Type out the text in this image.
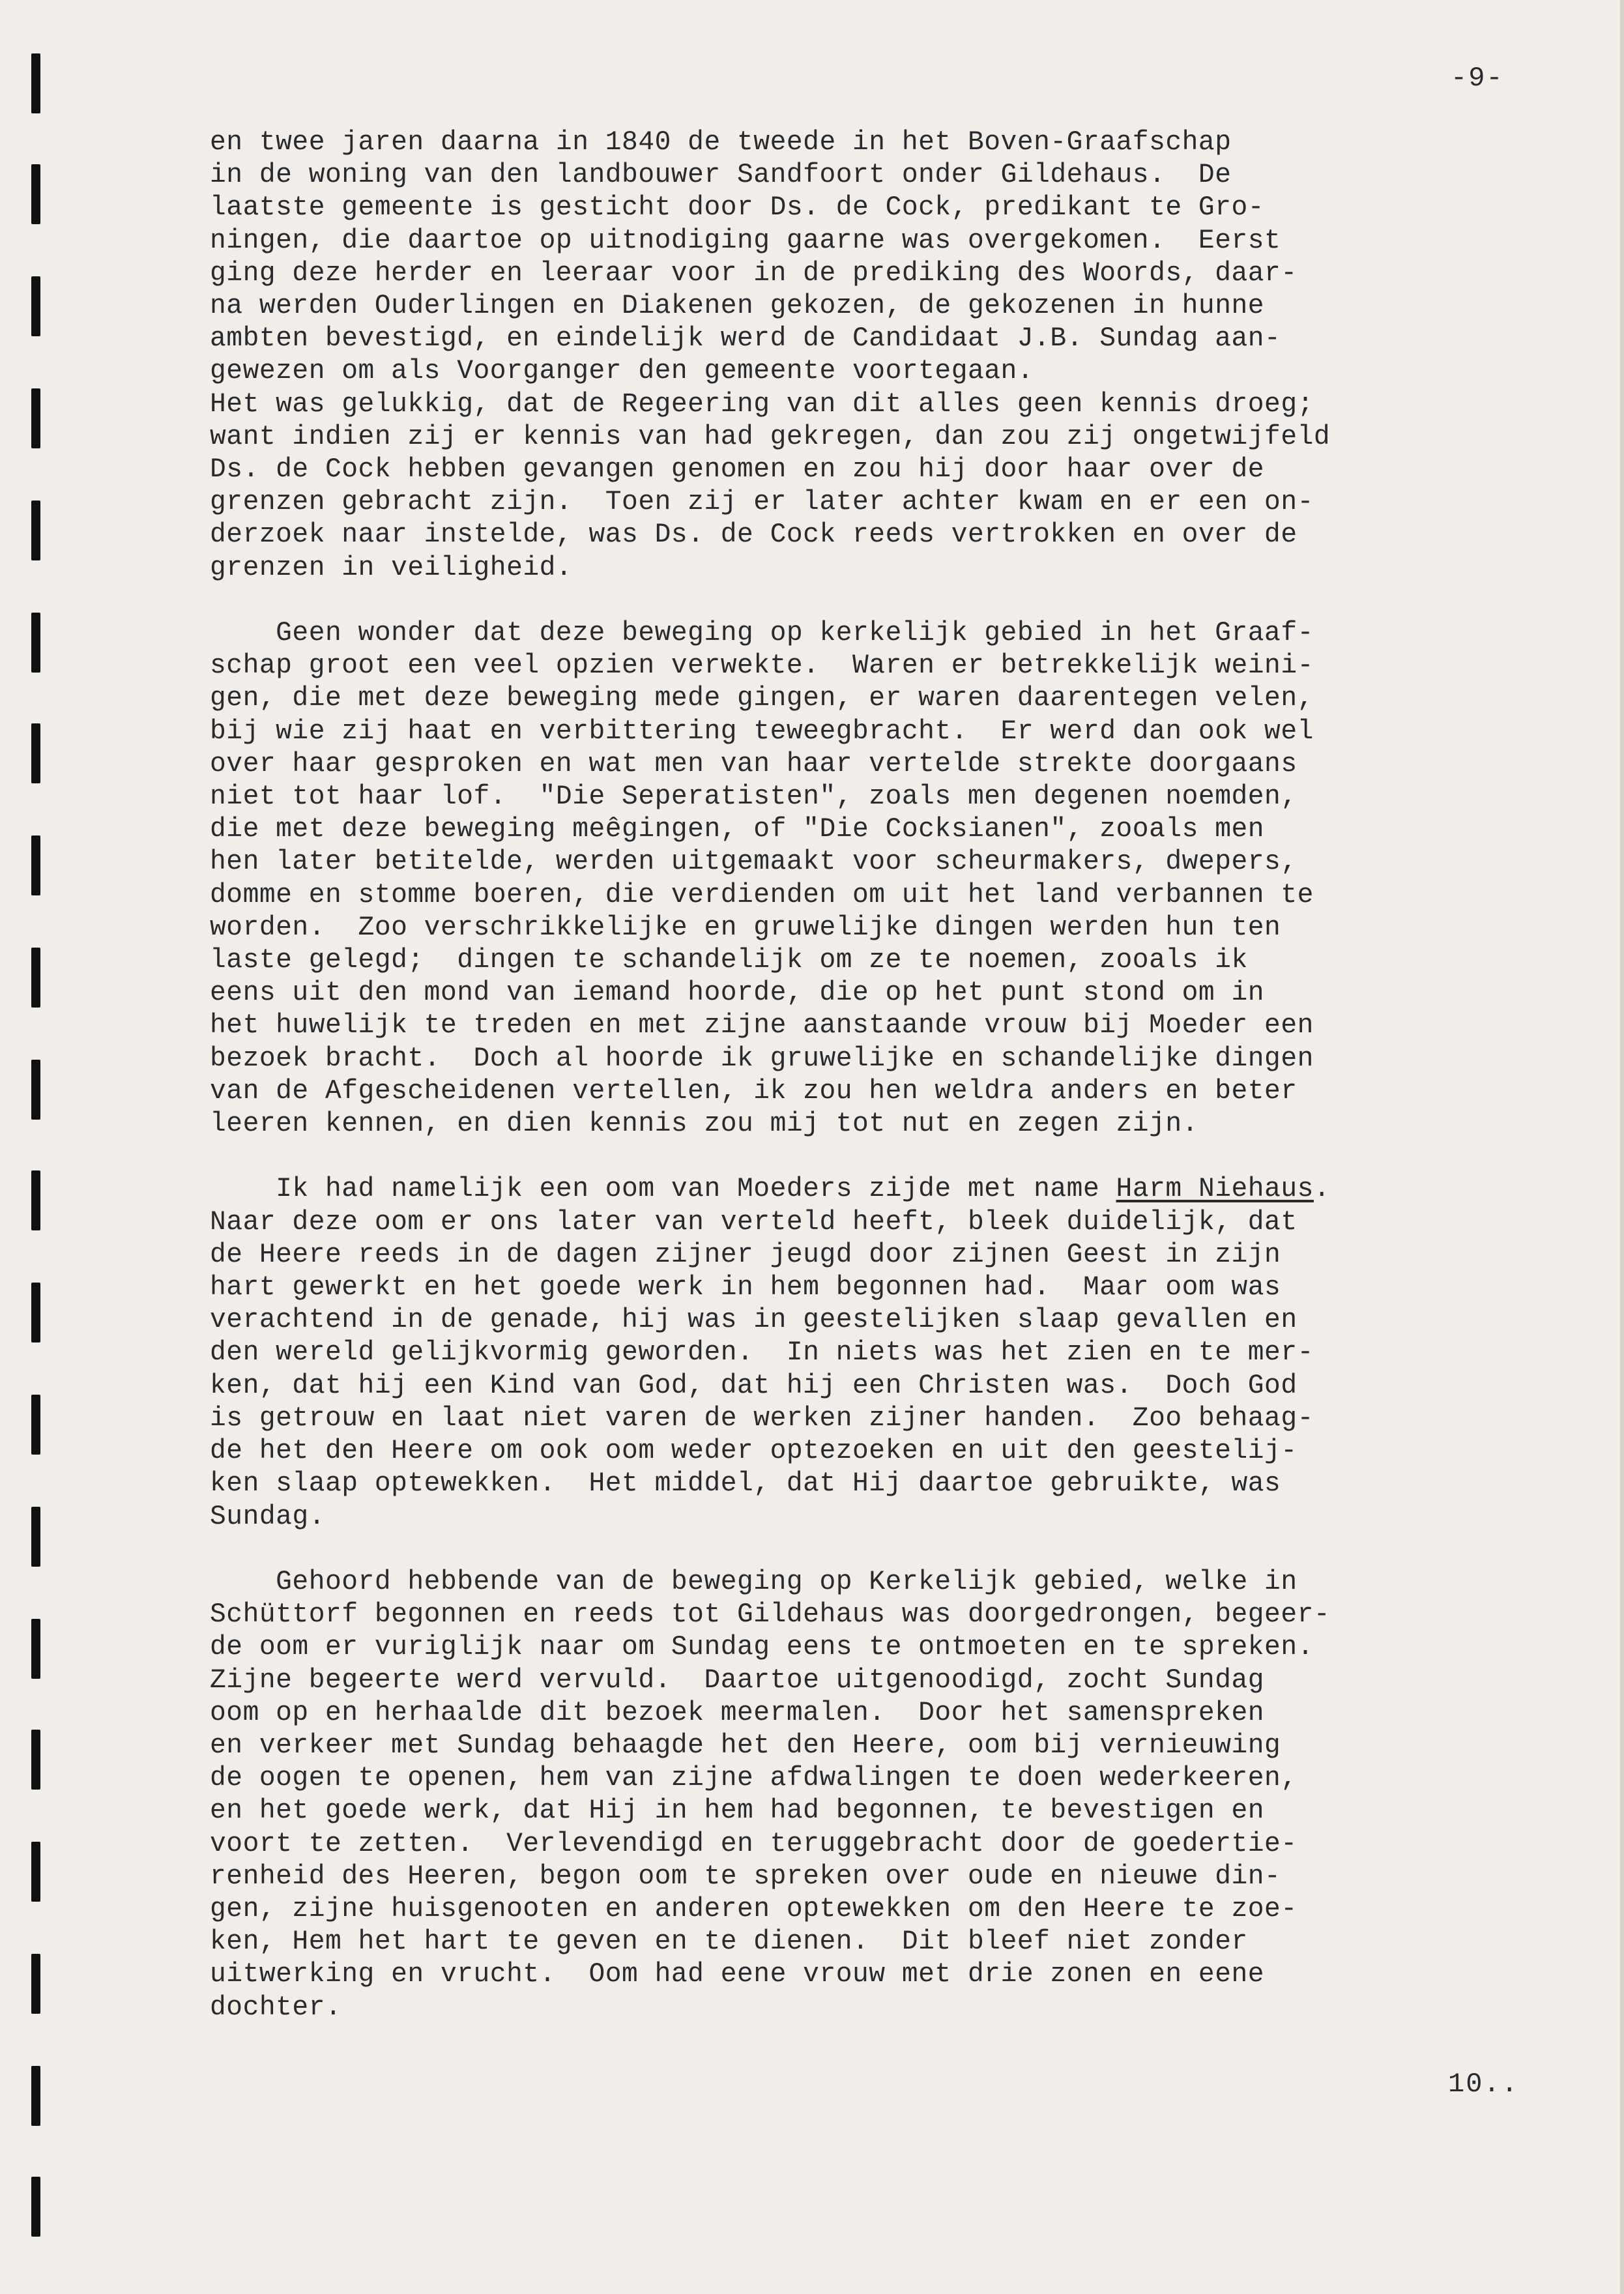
-9-

en twee jaren daarna in 1840 de tweede in het Boven-Graafschap

in de woning van den landbouwer Sandfoort onder Gildehaus.  De

laatste gemeente is gesticht door Ds. de Cock, predikant te Gro-

ningen, die daartoe op uitnodiging gaarne was overgekomen.  Eerst

ging deze herder en leeraar voor in de prediking des Woords, daar-

na werden Ouderlingen en Diakenen gekozen, de gekozenen in hunne

ambten bevestigd, en eindelijk werd de Candidaat J.B. Sundag aan-

gewezen om als Voorganger den gemeente voortegaan.

Het was gelukkig, dat de Regeering van dit alles geen kennis droeg;

want indien zij er kennis van had gekregen, dan zou zij ongetwijfeld

Ds. de Cock hebben gevangen genomen en zou hij door haar over de

grenzen gebracht zijn.  Toen zij er later achter kwam en er een on-

derzoek naar instelde, was Ds. de Cock reeds vertrokken en over de

grenzen in veiligheid.

Geen wonder dat deze beweging op kerkelijk gebied in het Graaf-

schap groot een veel opzien verwekte.  Waren er betrekkelijk weini-

gen, die met deze beweging mede gingen, er waren daarentegen velen,

bij wie zij haat en verbittering teweegbracht.  Er werd dan ook wel

over haar gesproken en wat men van haar vertelde strekte doorgaans

niet tot haar lof.  "Die Seperatisten", zoals men degenen noemden,

die met deze beweging meêgingen, of "Die Cocksianen", zooals men

hen later betitelde, werden uitgemaakt voor scheurmakers, dwepers,

domme en stomme boeren, die verdienden om uit het land verbannen te

worden.  Zoo verschrikkelijke en gruwelijke dingen werden hun ten

laste gelegd;  dingen te schandelijk om ze te noemen, zooals ik

eens uit den mond van iemand hoorde, die op het punt stond om in

het huwelijk te treden en met zijne aanstaande vrouw bij Moeder een

bezoek bracht.  Doch al hoorde ik gruwelijke en schandelijke dingen

van de Afgescheidenen vertellen, ik zou hen weldra anders en beter

leeren kennen, en dien kennis zou mij tot nut en zegen zijn.

Ik had namelijk een oom van Moeders zijde met name Harm Niehaus.

Naar deze oom er ons later van verteld heeft, bleek duidelijk, dat

de Heere reeds in de dagen zijner jeugd door zijnen Geest in zijn

hart gewerkt en het goede werk in hem begonnen had.  Maar oom was

verachtend in de genade, hij was in geestelijken slaap gevallen en

den wereld gelijkvormig geworden.  In niets was het zien en te mer-

ken, dat hij een Kind van God, dat hij een Christen was.  Doch God

is getrouw en laat niet varen de werken zijner handen.  Zoo behaag-

de het den Heere om ook oom weder optezoeken en uit den geestelij-

ken slaap optewekken.  Het middel, dat Hij daartoe gebruikte, was

Sundag.

Gehoord hebbende van de beweging op Kerkelijk gebied, welke in

Schüttorf begonnen en reeds tot Gildehaus was doorgedrongen, begeer-

de oom er vuriglijk naar om Sundag eens te ontmoeten en te spreken.

Zijne begeerte werd vervuld.  Daartoe uitgenoodigd, zocht Sundag

oom op en herhaalde dit bezoek meermalen.  Door het samenspreken

en verkeer met Sundag behaagde het den Heere, oom bij vernieuwing

de oogen te openen, hem van zijne afdwalingen te doen wederkeeren,

en het goede werk, dat Hij in hem had begonnen, te bevestigen en

voort te zetten.  Verlevendigd en teruggebracht door de goedertie-

renheid des Heeren, begon oom te spreken over oude en nieuwe din-

gen, zijne huisgenooten en anderen optewekken om den Heere te zoe-

ken, Hem het hart te geven en te dienen.  Dit bleef niet zonder

uitwerking en vrucht.  Oom had eene vrouw met drie zonen en eene

dochter.

10..
